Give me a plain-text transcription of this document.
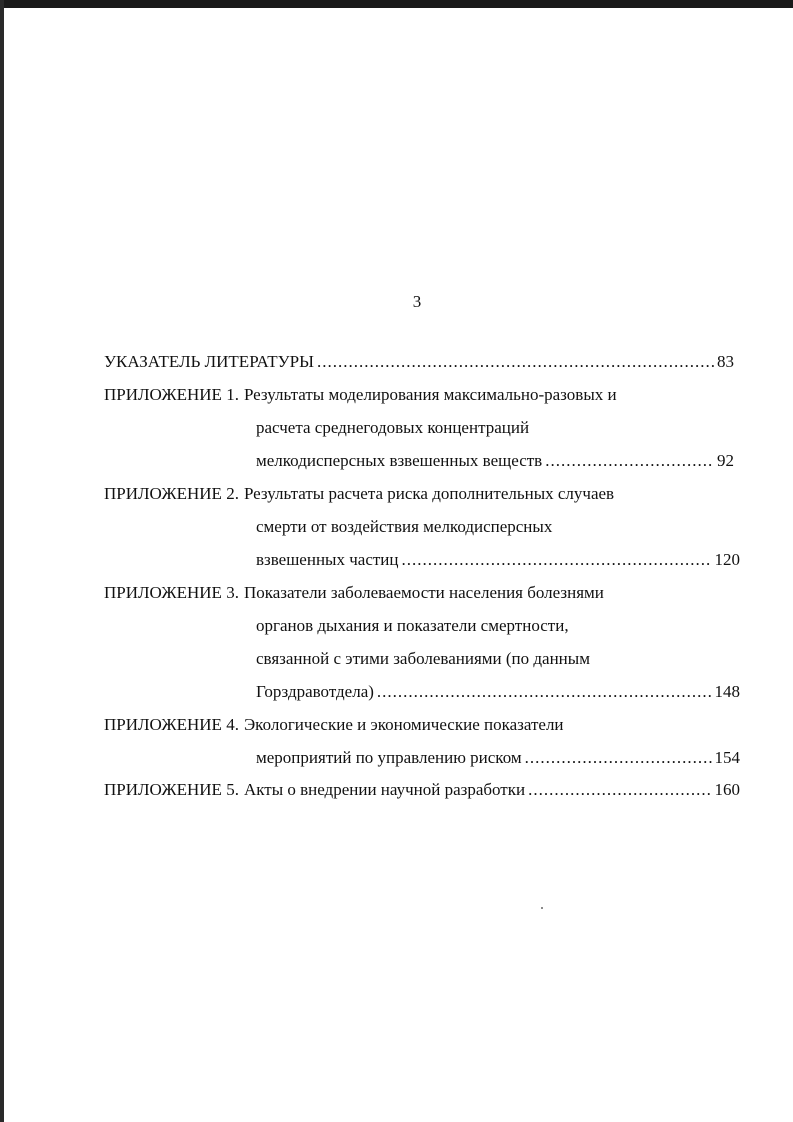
3
УКАЗАТЕЛЬ ЛИТЕРАТУРЫ .....	83
ПРИЛОЖЕНИЕ 1. Результаты моделирования максимально-разовых и
расчета среднегодовых концентраций
мелкодисперсных взвешенных веществ .....	92
ПРИЛОЖЕНИЕ 2. Результаты расчета риска дополнительных случаев
смерти от воздействия мелкодисперсных
взвешенных частиц .....	120
ПРИЛОЖЕНИЕ 3. Показатели заболеваемости населения болезнями
органов дыхания и показатели смертности,
связанной с этими заболеваниями (по данным
Горздравотдела) .....	148
ПРИЛОЖЕНИЕ 4. Экологические и экономические показатели
мероприятий по управлению риском .....	154
ПРИЛОЖЕНИЕ 5. Акты о внедрении научной разработки .....	160
